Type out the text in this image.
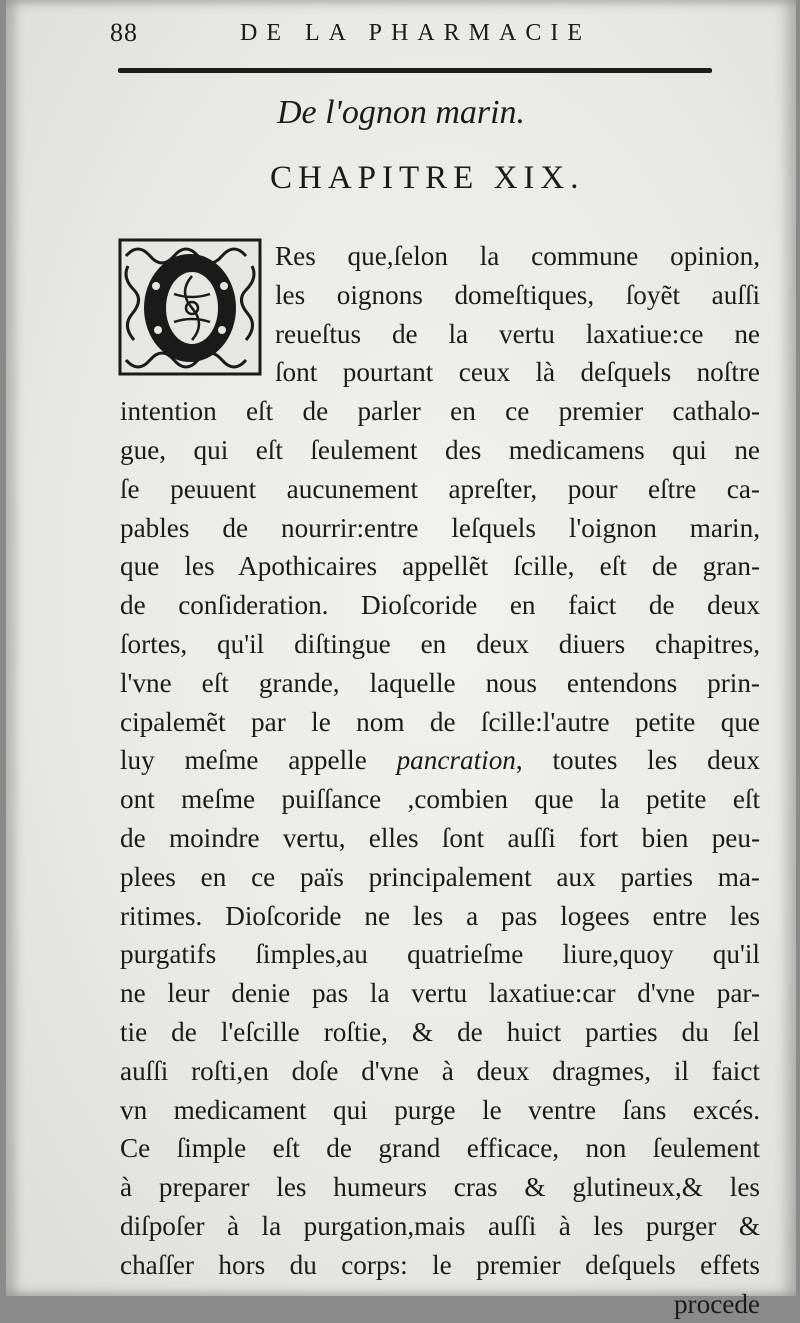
88	DE LA PHARMACIE
De l'ognon marin.
CHAPITRE XIX.
Res que,ſelon la commune opinion,
les oignons domeſtiques, ſoyẽt auſſi
reueſtus de la vertu laxatiue:ce ne
ſont pourtant ceux là deſquels noſtre
intention eſt de parler en ce premier cathalo-
gue, qui eſt ſeulement des medicamens qui ne
ſe peuuent aucunement apreſter, pour eſtre ca-
pables de nourrir:entre leſquels l'oignon marin,
que les Apothicaires appellẽt ſcille, eſt de gran-
de conſideration. Dioſcoride en faict de deux
ſortes, qu'il diſtingue en deux diuers chapitres,
l'vne eſt grande, laquelle nous entendons prin-
cipalemẽt par le nom de ſcille:l'autre petite que
luy meſme appelle pancration, toutes les deux
ont meſme puiſſance ,combien que la petite eſt
de moindre vertu, elles ſont auſſi fort bien peu-
plees en ce païs principalement aux parties ma-
ritimes. Dioſcoride ne les a pas logees entre les
purgatifs ſimples,au quatrieſme liure,quoy qu'il
ne leur denie pas la vertu laxatiue:car d'vne par-
tie de l'eſcille roſtie, & de huict parties du ſel
auſſi roſti,en doſe d'vne à deux dragmes, il faict
vn medicament qui purge le ventre ſans excés.
Ce ſimple eſt de grand efficace, non ſeulement
à preparer les humeurs cras & glutineux,& les
diſpoſer à la purgation,mais auſſi à les purger &
chaſſer hors du corps: le premier deſquels effets
procede
